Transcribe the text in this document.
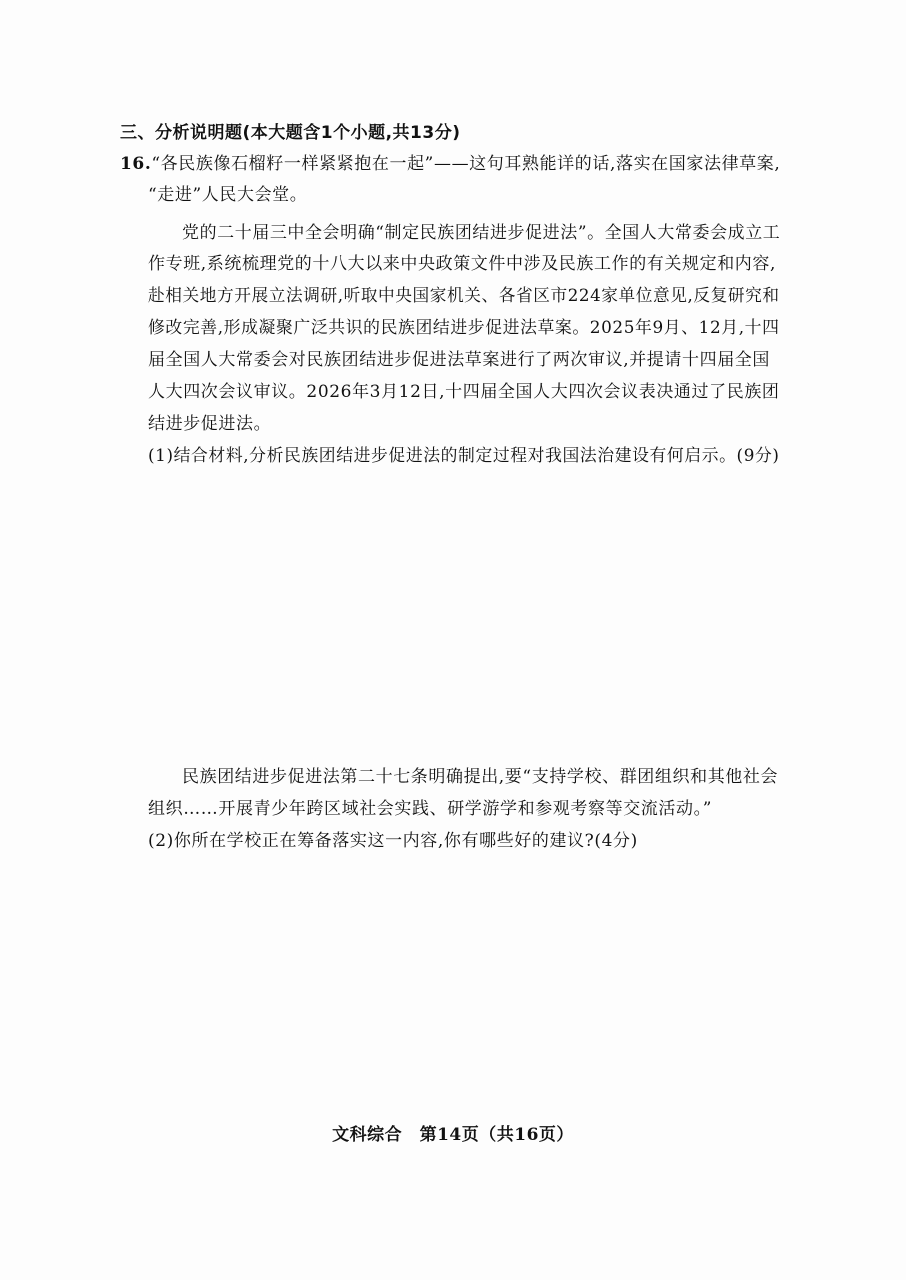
三、分析说明题(本大题含1个小题,共13分)
16.“各民族像石榴籽一样紧紧抱在一起”——这句耳熟能详的话,落实在国家法律草案,
“走进”人民大会堂。
党的二十届三中全会明确“制定民族团结进步促进法”。全国人大常委会成立工
作专班,系统梳理党的十八大以来中央政策文件中涉及民族工作的有关规定和内容,
赴相关地方开展立法调研,听取中央国家机关、各省区市224家单位意见,反复研究和
修改完善,形成凝聚广泛共识的民族团结进步促进法草案。2025年9月、12月,十四
届全国人大常委会对民族团结进步促进法草案进行了两次审议,并提请十四届全国
人大四次会议审议。2026年3月12日,十四届全国人大四次会议表决通过了民族团
结进步促进法。
(1)结合材料,分析民族团结进步促进法的制定过程对我国法治建设有何启示。(9分)
民族团结进步促进法第二十七条明确提出,要“支持学校、群团组织和其他社会
组织……开展青少年跨区域社会实践、研学游学和参观考察等交流活动。”
(2)你所在学校正在筹备落实这一内容,你有哪些好的建议?(4分)
文科综合　第14页（共16页）
